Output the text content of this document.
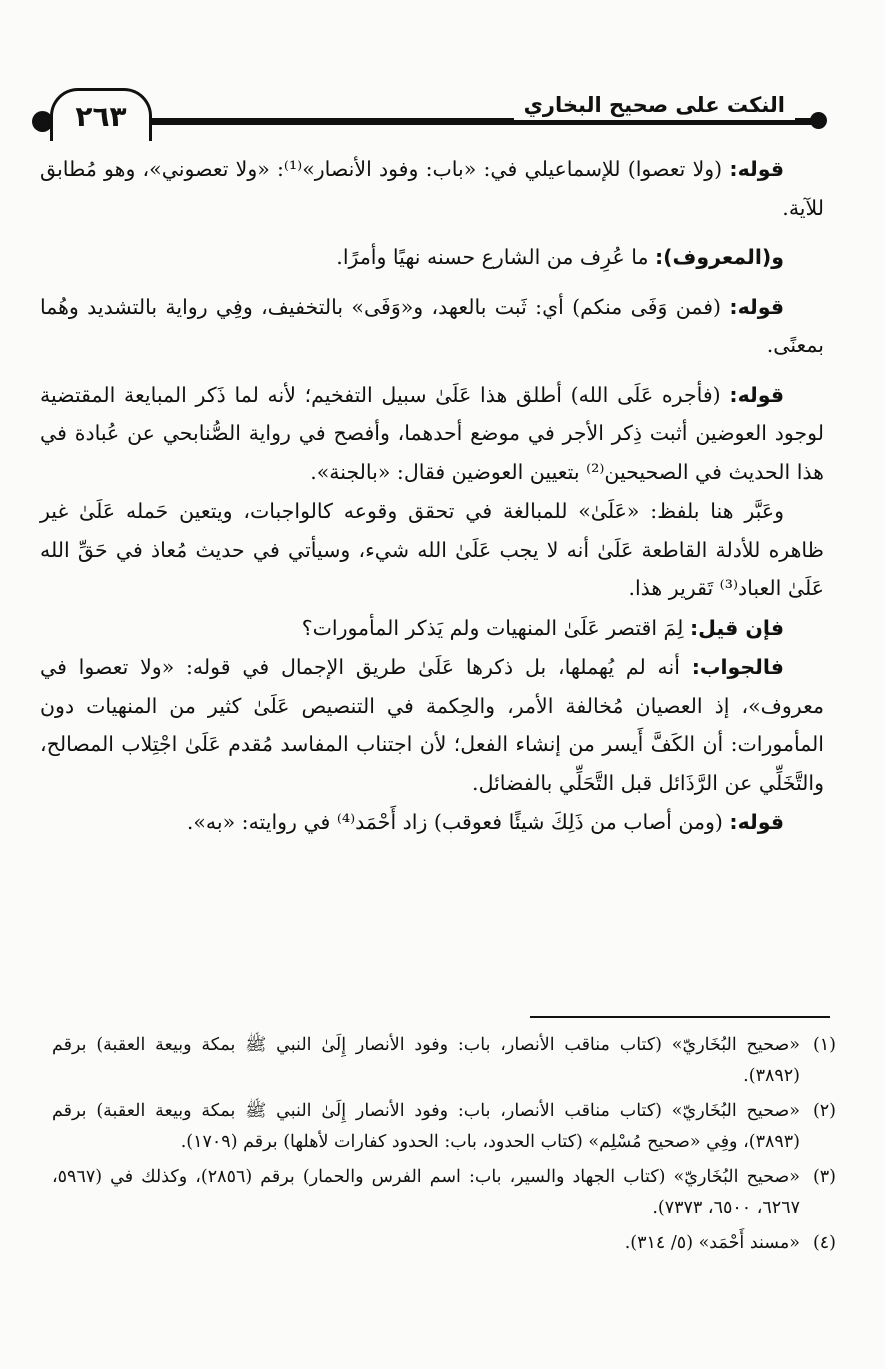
٢٦٣	النكت على صحيح البخاري

قوله: (ولا تعصوا) للإسماعيلي في: «باب: وفود الأنصار»⁽¹⁾: «ولا تعصوني»، وهو مُطابق للآية.

و(المعروف): ما عُرِف من الشارع حسنه نهيًا وأمرًا.

قوله: (فمن وَفَى منكم) أي: ثَبت بالعهد، و«وَفَى» بالتخفيف، وفِي رواية بالتشديد وهُما بمعنًى.

قوله: (فأجره عَلَى الله) أطلق هذا عَلَىٰ سبيل التفخيم؛ لأنه لما ذَكر المبايعة المقتضية لوجود العوضين أثبت ذِكر الأجر في موضع أحدهما، وأفصح في رواية الصُّنابحي عن عُبادة في هذا الحديث في الصحيحين⁽²⁾ بتعيين العوضين فقال: «بالجنة».

وعَبَّر هنا بلفظ: «عَلَىٰ» للمبالغة في تحقق وقوعه كالواجبات، ويتعين حَمله عَلَىٰ غير ظاهره للأدلة القاطعة عَلَىٰ أنه لا يجب عَلَىٰ الله شيء، وسيأتي في حديث مُعاذ في حَقِّ الله عَلَىٰ العباد⁽³⁾ تَقرير هذا.

فإن قيل: لِمَ اقتصر عَلَىٰ المنهيات ولم يَذكر المأمورات؟

فالجواب: أنه لم يُهملها، بل ذكرها عَلَىٰ طريق الإجمال في قوله: «ولا تعصوا في معروف»، إذ العصيان مُخالفة الأمر، والحِكمة في التنصيص عَلَىٰ كثير من المنهيات دون المأمورات: أن الكَفَّ أَيسر من إنشاء الفعل؛ لأن اجتناب المفاسد مُقدم عَلَىٰ اجْتِلاب المصالح، والتَّخَلِّي عن الرَّذَائل قبل التَّحَلِّي بالفضائل.

قوله: (ومن أصاب من ذَلِكَ شيئًا فعوقب) زاد أَحْمَد⁽⁴⁾ في روايته: «به».

(١)
«صحيح البُخَاريّ» (كتاب مناقب الأنصار، باب: وفود الأنصار إِلَىٰ النبي ﷺ بمكة وبيعة العقبة) برقم (٣٨٩٢).
(٢)
«صحيح البُخَاريّ» (كتاب مناقب الأنصار، باب: وفود الأنصار إِلَىٰ النبي ﷺ بمكة وبيعة العقبة) برقم (٣٨٩٣)، وفِي «صحيح مُسْلِم» (كتاب الحدود، باب: الحدود كفارات لأهلها) برقم (١٧٠٩).
(٣)
«صحيح البُخَاريّ» (كتاب الجهاد والسير، باب: اسم الفرس والحمار) برقم (٢٨٥٦)، وكذلك في (٥٩٦٧، ٦٢٦٧، ٦٥٠٠، ٧٣٧٣).
(٤)
«مسند أَحْمَد» (٥/ ٣١٤).
